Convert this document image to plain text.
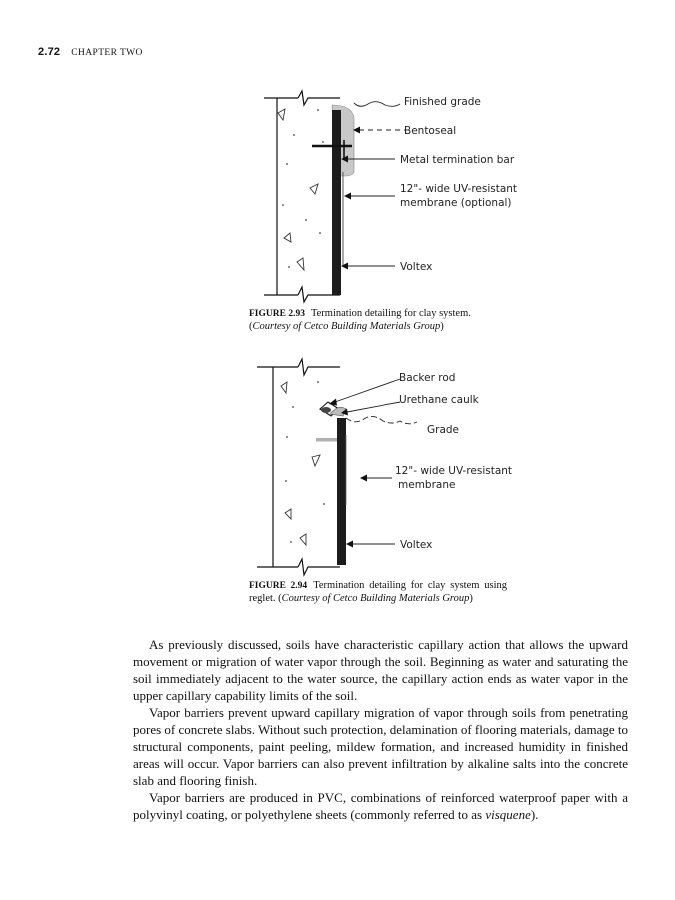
2.72 CHAPTER TWO
Finished grade
Bentoseal
Metal termination bar
12"- wide UV-resistant
membrane (optional)
Voltex
FIGURE 2.93 Termination detailing for clay system.
(Courtesy of Cetco Building Materials Group)
Backer rod
Urethane caulk
Grade
12"- wide UV-resistant
membrane
Voltex
FIGURE 2.94 Termination detailing for clay system using reglet. (Courtesy of Cetco Building Materials Group)

As previously discussed, soils have characteristic capillary action that allows the upward movement or migration of water vapor through the soil. Beginning as water and saturating the soil immediately adjacent to the water source, the capillary action ends as water vapor in the upper capillary capability limits of the soil.

Vapor barriers prevent upward capillary migration of vapor through soils from penetrating pores of concrete slabs. Without such protection, delamination of flooring materials, damage to structural components, paint peeling, mildew formation, and increased humidity in finished areas will occur. Vapor barriers can also prevent infiltration by alkaline salts into the concrete slab and flooring finish.

Vapor barriers are produced in PVC, combinations of reinforced waterproof paper with a polyvinyl coating, or polyethylene sheets (commonly referred to as visquene).
